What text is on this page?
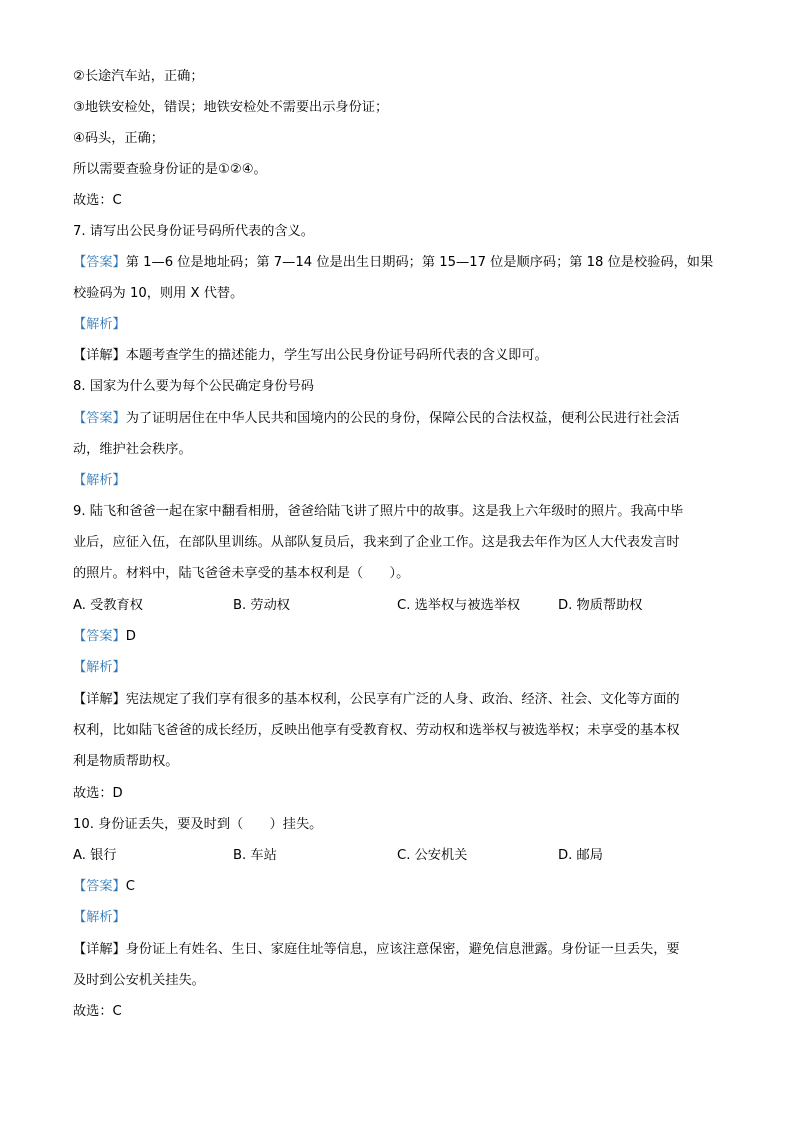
②长途汽车站，正确；
③地铁安检处，错误；地铁安检处不需要出示身份证；
④码头，正确；
所以需要查验身份证的是①②④。
故选：C
7. 请写出公民身份证号码所代表的含义。
【答案】第 1—6 位是地址码；第 7—14 位是出生日期码；第 15—17 位是顺序码；第 18 位是校验码，如果
校验码为 10，则用 X 代替。
【解析】
【详解】本题考查学生的描述能力，学生写出公民身份证号码所代表的含义即可。
8. 国家为什么要为每个公民确定身份号码
【答案】为了证明居住在中华人民共和国境内的公民的身份，保障公民的合法权益，便利公民进行社会活
动，维护社会秩序。
【解析】
9. 陆飞和爸爸一起在家中翻看相册，爸爸给陆飞讲了照片中的故事。这是我上六年级时的照片。我高中毕
业后，应征入伍，在部队里训练。从部队复员后，我来到了企业工作。这是我去年作为区人大代表发言时
的照片。材料中，陆飞爸爸未享受的基本权利是（　　）。
A. 受教育权	B. 劳动权	C. 选举权与被选举权	D. 物质帮助权
【答案】D
【解析】
【详解】宪法规定了我们享有很多的基本权利，公民享有广泛的人身、政治、经济、社会、文化等方面的
权利，比如陆飞爸爸的成长经历，反映出他享有受教育权、劳动权和选举权与被选举权；未享受的基本权
利是物质帮助权。
故选：D
10. 身份证丢失，要及时到（　　）挂失。
A. 银行	B. 车站	C. 公安机关	D. 邮局
【答案】C
【解析】
【详解】身份证上有姓名、生日、家庭住址等信息，应该注意保密，避免信息泄露。身份证一旦丢失，要
及时到公安机关挂失。
故选：C
